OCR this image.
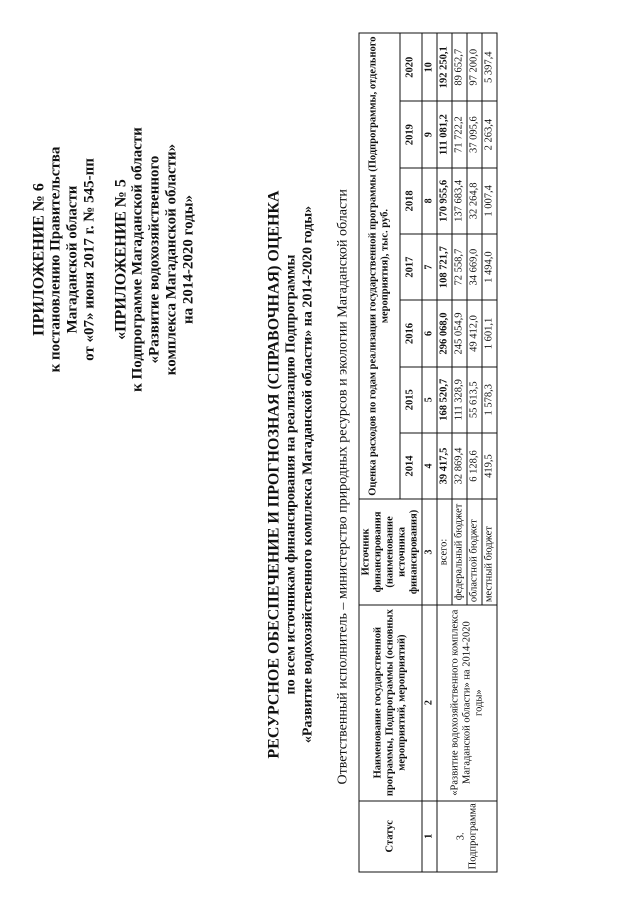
ПРИЛОЖЕНИЕ № 6 к постановлению Правительства Магаданской области от «07» июня 2017 г. № 545-пп «ПРИЛОЖЕНИЕ № 5 к Подпрограмме Магаданской области «Развитие водохозяйственного комплекса Магаданской области» на 2014-2020 годы»	РЕСУРСНОЕ ОБЕСПЕЧЕНИЕ И ПРОГНОЗНАЯ (СПРАВОЧНАЯ) ОЦЕНКА по всем источникам финансирования на реализацию Подпрограммы «Развитие водохозяйственного комплекса Магаданской области» на 2014-2020 годы» Ответственный исполнитель – министерство природных ресурсов и экологии Магаданской области
Статус	Наименование государственной программы, Подпрограммы (основных мероприятий, мероприятий)	Источник финансирования (наименование источника финансирования)	Оценка расходов по годам реализации государственной программы (Подпрограммы, отдельного мероприятия), тыс. руб.						
			2014	2015	2016	2017	2018	2019	2020
1	2	3	4	5	6	7	8	9	10

3. Подпрограмма	«Развитие водохозяйственного комплекса Магаданской области» на 2014-2020 годы»	всего:	39 417,5	168 520,7	296 068,0	108 721,7	170 955,6	111 081,2	192 250,1
		федеральный бюджет	32 869,4	111 328,9	245 054,9	72 558,7	137 683,4	71 722,2	89 652,7
		областной бюджет	6 128,6	55 613,5	49 412,0	34 669,0	32 264,8	37 095,6	97 200,0
		местный бюджет	419,5	1 578,3	1 601,1	1 494,0	1 007,4	2 263,4	5 397,4
